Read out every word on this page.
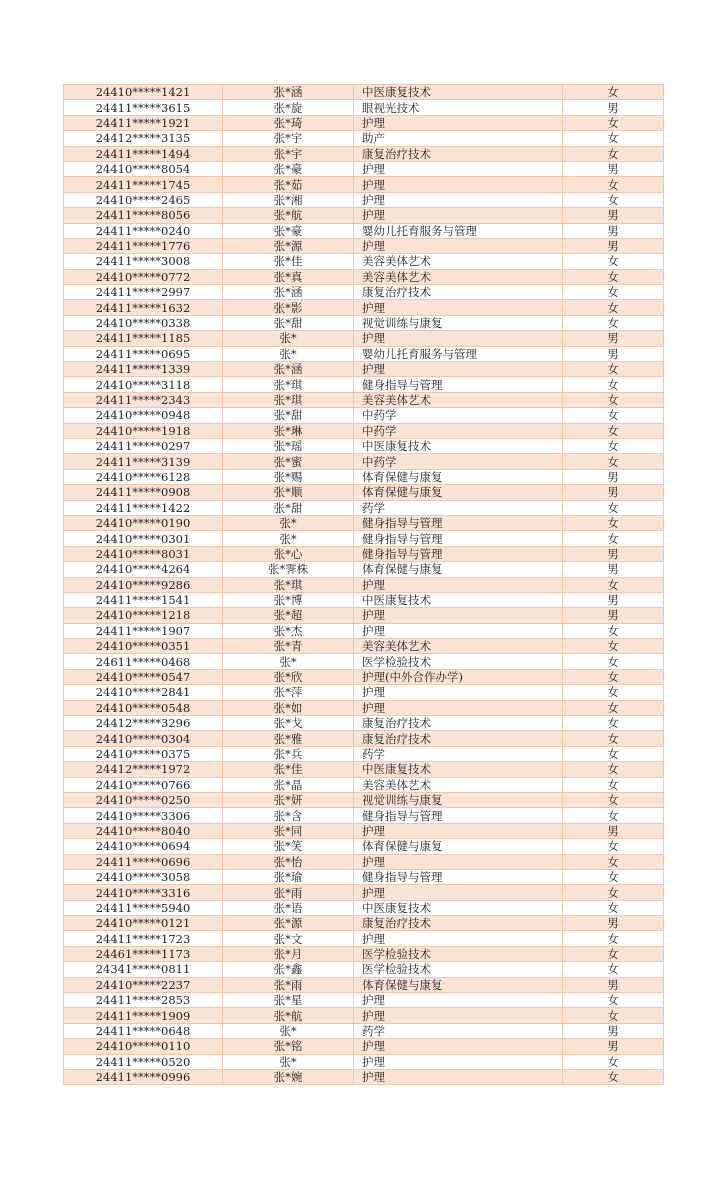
24410*****1421	张*涵	中医康复技术	女
24411*****3615	张*旋	眼视光技术	男
24411*****1921	张*琦	护理	女
24412*****3135	张*宇	助产	女
24411*****1494	张*宇	康复治疗技术	女
24410*****8054	张*豪	护理	男
24411*****1745	张*茹	护理	女
24410*****2465	张*湘	护理	女
24411*****8056	张*航	护理	男
24411*****0240	张*豪	婴幼儿托育服务与管理	男
24411*****1776	张*源	护理	男
24411*****3008	张*佳	美容美体艺术	女
24410*****0772	张*真	美容美体艺术	女
24411*****2997	张*涵	康复治疗技术	女
24411*****1632	张*影	护理	女
24410*****0338	张*甜	视觉训练与康复	女
24411*****1185	张*	护理	男
24411*****0695	张*	婴幼儿托育服务与管理	男
24411*****1339	张*涵	护理	女
24410*****3118	张*琪	健身指导与管理	女
24411*****2343	张*琪	美容美体艺术	女
24410*****0948	张*甜	中药学	女
24410*****1918	张*琳	中药学	女
24411*****0297	张*瑶	中医康复技术	女
24411*****3139	张*蜜	中药学	女
24410*****6128	张*赐	体育保健与康复	男
24411*****0908	张*顺	体育保健与康复	男
24411*****1422	张*甜	药学	女
24410*****0190	张*	健身指导与管理	女
24410*****0301	张*	健身指导与管理	女
24410*****8031	张*心	健身指导与管理	男
24410*****4264	张*霁株	体育保健与康复	男
24410*****9286	张*琪	护理	女
24411*****1541	张*博	中医康复技术	男
24410*****1218	张*超	护理	男
24411*****1907	张*杰	护理	女
24410*****0351	张*青	美容美体艺术	女
24611*****0468	张*	医学检验技术	女
24410*****0547	张*欣	护理(中外合作办学)	女
24410*****2841	张*萍	护理	女
24410*****0548	张*如	护理	女
24412*****3296	张*戈	康复治疗技术	女
24410*****0304	张*雅	康复治疗技术	女
24410*****0375	张*兵	药学	女
24412*****1972	张*佳	中医康复技术	女
24410*****0766	张*晶	美容美体艺术	女
24410*****0250	张*妍	视觉训练与康复	女
24410*****3306	张*含	健身指导与管理	女
24410*****8040	张*同	护理	男
24410*****0694	张*笑	体育保健与康复	女
24411*****0696	张*怡	护理	女
24410*****3058	张*瑜	健身指导与管理	女
24410*****3316	张*雨	护理	女
24411*****5940	张*语	中医康复技术	女
24410*****0121	张*源	康复治疗技术	男
24411*****1723	张*文	护理	女
24461*****1173	张*月	医学检验技术	女
24341*****0811	张*鑫	医学检验技术	女
24410*****2237	张*雨	体育保健与康复	男
24411*****2853	张*星	护理	女
24411*****1909	张*航	护理	女
24411*****0648	张*	药学	男
24410*****0110	张*铭	护理	男
24411*****0520	张*	护理	女
24411*****0996	张*婉	护理	女
